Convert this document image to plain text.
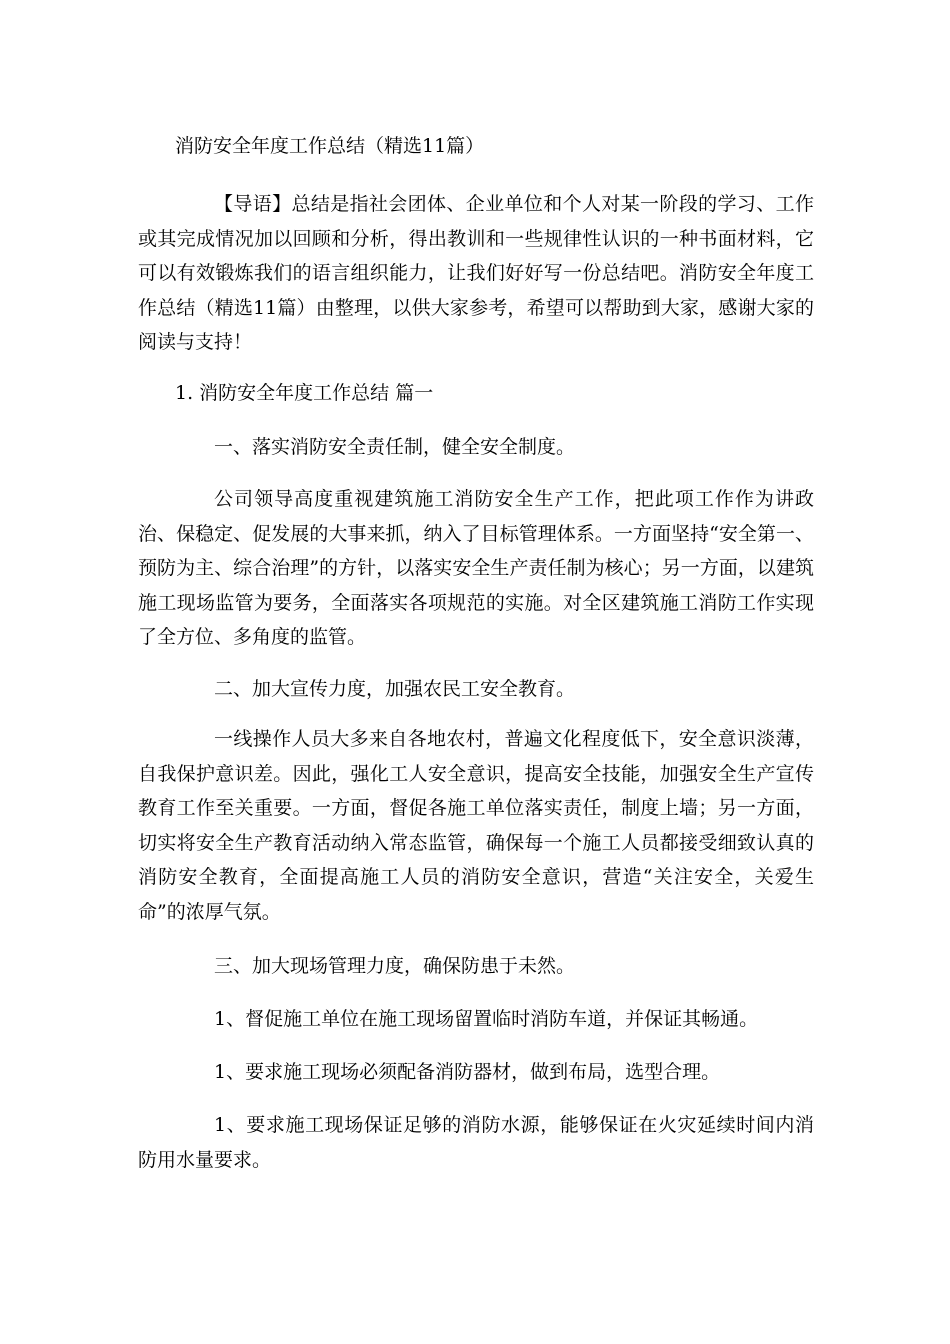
消防安全年度工作总结（精选11篇）

【导语】总结是指社会团体、企业单位和个人对某一阶段的学习、工作或其完成情况加以回顾和分析，得出教训和一些规律性认识的一种书面材料，它可以有效锻炼我们的语言组织能力，让我们好好写一份总结吧。消防安全年度工作总结（精选11篇）由整理，以供大家参考，希望可以帮助到大家，感谢大家的阅读与支持！

1. 消防安全年度工作总结 篇一
一、落实消防安全责任制，健全安全制度。

公司领导高度重视建筑施工消防安全生产工作，把此项工作作为讲政治、保稳定、促发展的大事来抓，纳入了目标管理体系。一方面坚持“安全第一、预防为主、综合治理”的方针，以落实安全生产责任制为核心；另一方面，以建筑施工现场监管为要务，全面落实各项规范的实施。对全区建筑施工消防工作实现了全方位、多角度的监管。

二、加大宣传力度，加强农民工安全教育。

一线操作人员大多来自各地农村，普遍文化程度低下，安全意识淡薄，自我保护意识差。因此，强化工人安全意识，提高安全技能，加强安全生产宣传教育工作至关重要。一方面，督促各施工单位落实责任，制度上墙；另一方面，切实将安全生产教育活动纳入常态监管，确保每一个施工人员都接受细致认真的消防安全教育，全面提高施工人员的消防安全意识，营造“关注安全，关爱生命”的浓厚气氛。

三、加大现场管理力度，确保防患于未然。
1、督促施工单位在施工现场留置临时消防车道，并保证其畅通。
1、要求施工现场必须配备消防器材，做到布局，选型合理。

1、要求施工现场保证足够的消防水源，能够保证在火灾延续时间内消防用水量要求。
